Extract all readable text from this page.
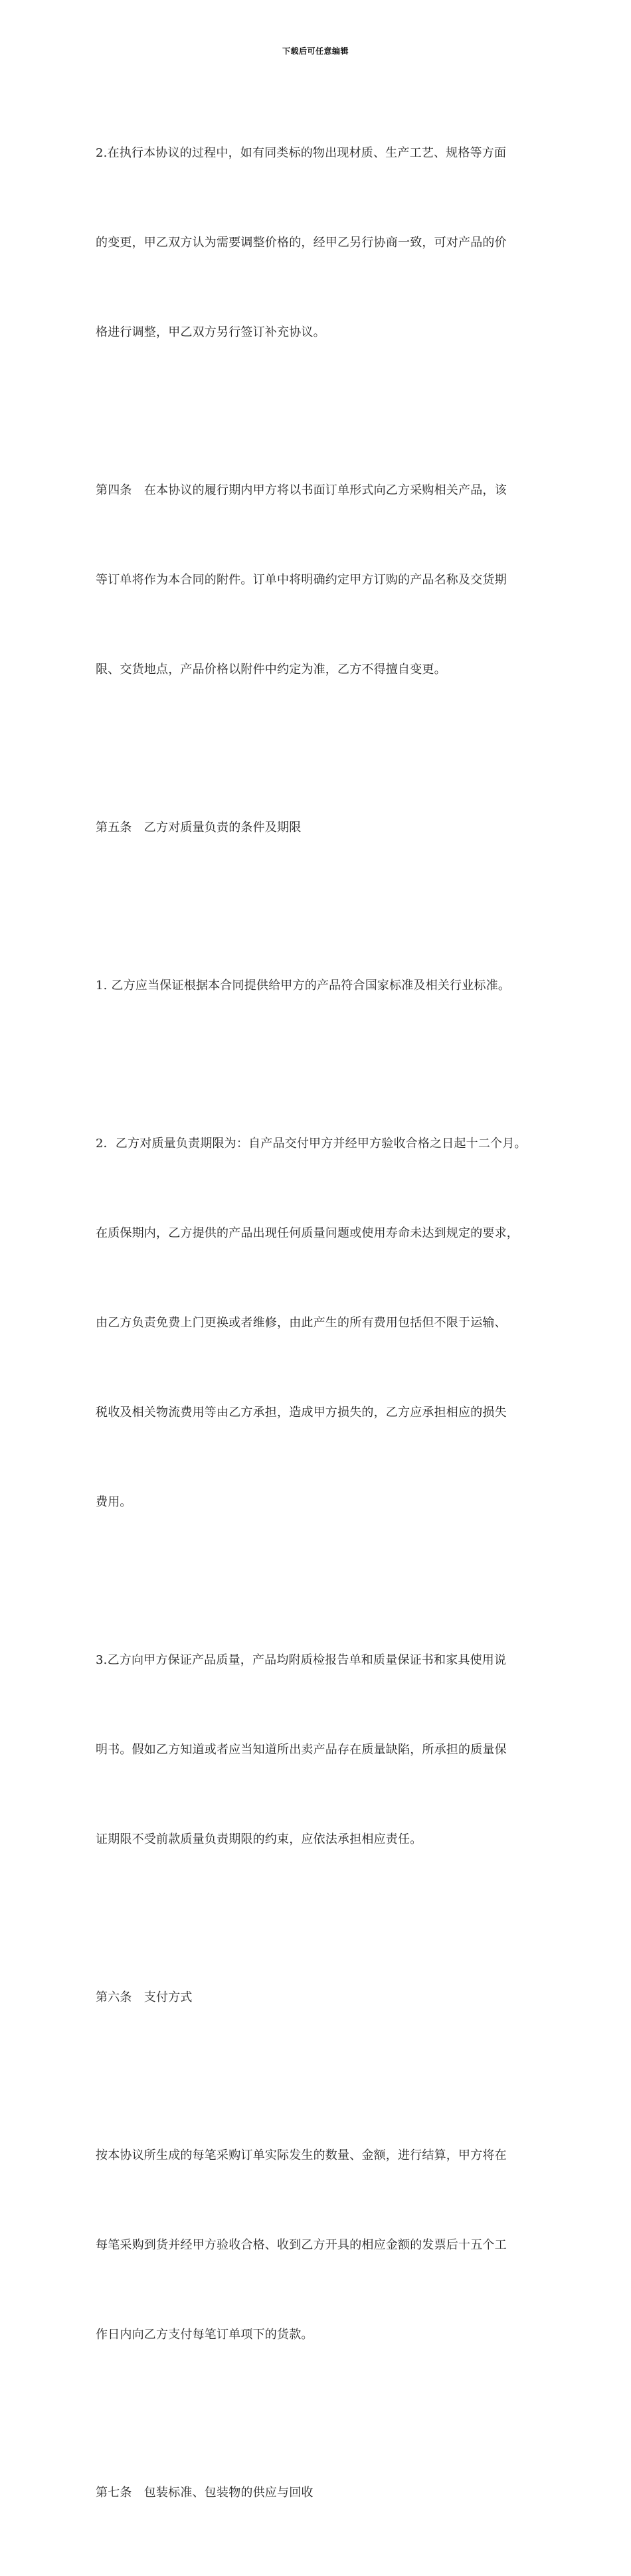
下载后可任意编辑

2.在执行本协议的过程中，如有同类标的物出现材质、生产工艺、规格等方面

的变更，甲乙双方认为需要调整价格的，经甲乙另行协商一致，可对产品的价

格进行调整，甲乙双方另行签订补充协议。

第四条　在本协议的履行期内甲方将以书面订单形式向乙方采购相关产品，该

等订单将作为本合同的附件。订单中将明确约定甲方订购的产品名称及交货期

限、交货地点，产品价格以附件中约定为准，乙方不得擅自变更。

第五条　乙方对质量负责的条件及期限

1. 乙方应当保证根据本合同提供给甲方的产品符合国家标准及相关行业标准。

2．乙方对质量负责期限为：自产品交付甲方并经甲方验收合格之日起十二个月。

在质保期内，乙方提供的产品出现任何质量问题或使用寿命未达到规定的要求，

由乙方负责免费上门更换或者维修，由此产生的所有费用包括但不限于运输、

税收及相关物流费用等由乙方承担，造成甲方损失的，乙方应承担相应的损失

费用。

3.乙方向甲方保证产品质量，产品均附质检报告单和质量保证书和家具使用说

明书。假如乙方知道或者应当知道所出卖产品存在质量缺陷，所承担的质量保

证期限不受前款质量负责期限的约束，应依法承担相应责任。

第六条　支付方式

按本协议所生成的每笔采购订单实际发生的数量、金额，进行结算，甲方将在

每笔采购到货并经甲方验收合格、收到乙方开具的相应金额的发票后十五个工

作日内向乙方支付每笔订单项下的货款。

第七条　包装标准、包装物的供应与回收
